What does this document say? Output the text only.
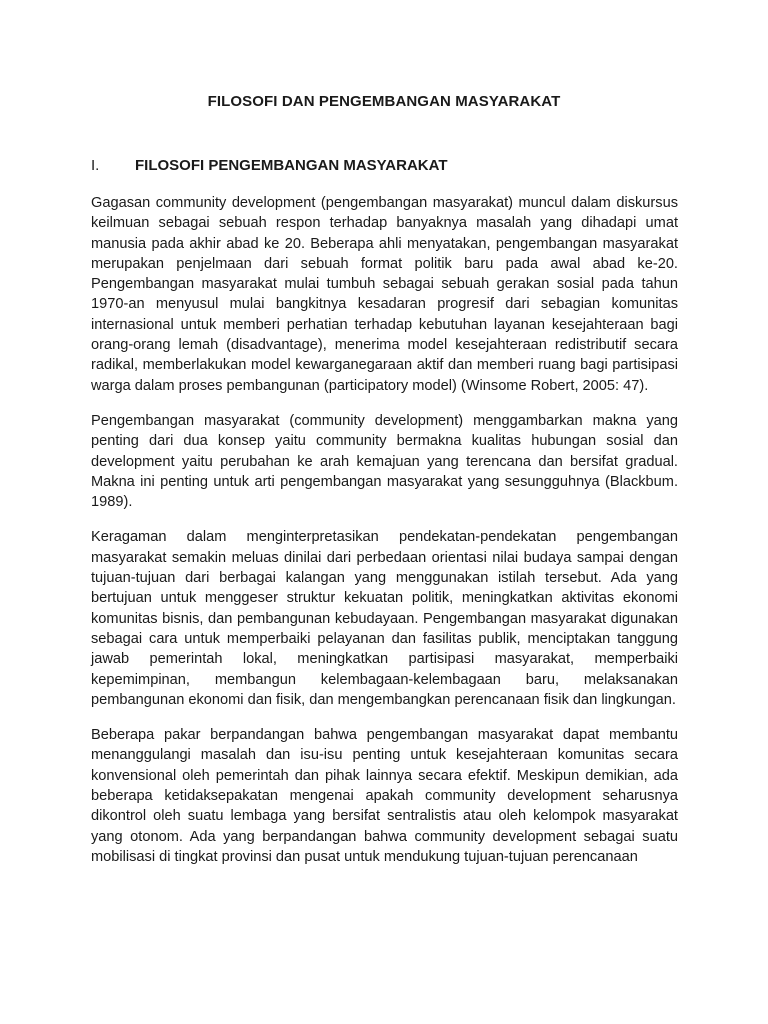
FILOSOFI DAN PENGEMBANGAN MASYARAKAT
I. FILOSOFI PENGEMBANGAN MASYARAKAT

Gagasan community development (pengembangan masyarakat) muncul dalam diskursus keilmuan sebagai sebuah respon terhadap banyaknya masalah yang dihadapi umat manusia pada akhir abad ke 20. Beberapa ahli menyatakan, pengembangan masyarakat merupakan penjelmaan dari sebuah format politik baru pada awal abad ke-20. Pengembangan masyarakat mulai tumbuh sebagai sebuah gerakan sosial pada tahun 1970-an menyusul mulai bangkitnya kesadaran progresif dari sebagian komunitas internasional untuk memberi perhatian terhadap kebutuhan layanan kesejahteraan bagi orang-orang lemah (disadvantage), menerima model kesejahteraan redistributif secara radikal, memberlakukan model kewarganegaraan aktif dan memberi ruang bagi partisipasi warga dalam proses pembangunan (participatory model) (Winsome Robert, 2005: 47).

Pengembangan masyarakat (community development) menggambarkan makna yang penting dari dua konsep yaitu community bermakna kualitas hubungan sosial dan development yaitu perubahan ke arah kemajuan yang terencana dan bersifat gradual. Makna ini penting untuk arti pengembangan masyarakat yang sesungguhnya (Blackbum. 1989).

Keragaman dalam menginterpretasikan pendekatan-pendekatan pengembangan masyarakat semakin meluas dinilai dari perbedaan orientasi nilai budaya sampai dengan tujuan-tujuan dari berbagai kalangan yang menggunakan istilah tersebut. Ada yang bertujuan untuk menggeser struktur kekuatan politik, meningkatkan aktivitas ekonomi komunitas bisnis, dan pembangunan kebudayaan. Pengembangan masyarakat digunakan sebagai cara untuk memperbaiki pelayanan dan fasilitas publik, menciptakan tanggung jawab pemerintah lokal, meningkatkan partisipasi masyarakat, memperbaiki kepemimpinan, membangun kelembagaan-kelembagaan baru, melaksanakan pembangunan ekonomi dan fisik, dan mengembangkan perencanaan fisik dan lingkungan.

Beberapa pakar berpandangan bahwa pengembangan masyarakat dapat membantu menanggulangi masalah dan isu-isu penting untuk kesejahteraan komunitas secara konvensional oleh pemerintah dan pihak lainnya secara efektif. Meskipun demikian, ada beberapa ketidaksepakatan mengenai apakah community development seharusnya dikontrol oleh suatu lembaga yang bersifat sentralistis atau oleh kelompok masyarakat yang otonom. Ada yang berpandangan bahwa community development sebagai suatu mobilisasi di tingkat provinsi dan pusat untuk mendukung tujuan-tujuan perencanaan
